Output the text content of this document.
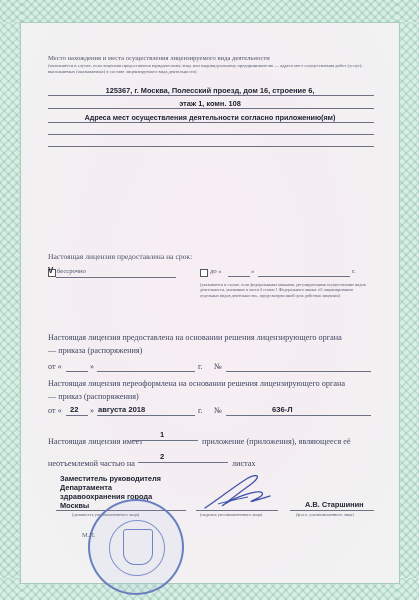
Место нахождения и места осуществления лицензируемого вида деятельности
(заполняется в случае, если лицензия предоставлена юридическому лицу или индивидуальному предпринимателю — адреса мест осуществления работ (услуг), выполняемых (оказываемых) в составе лицензируемого вида деятельности)
125367, г. Москва, Полесский проезд, дом 16, строение 6,
этаж 1, комн. 108
Адреса мест осуществления деятельности согласно приложению(ям)
Настоящая лицензия предоставлена на срок:
V бессрочно	до «	»	г.
(указывается в случае, если федеральными законами, регулирующими осуществление видов деятельности, указанных в части 4 статьи 1 Федерального закона «О лицензировании отдельных видов деятельности», предусмотрен иной срок действия лицензии)
Настоящая лицензия предоставлена на основании решения лицензирующего органа
— приказа (распоряжения)
от «	»	г. №
Настоящая лицензия переоформлена на основании решения лицензирующего органа
— приказ (распоряжения)
от « 22 » августа 2018	г. №	636-Л
Настоящая лицензия имеет
1
приложение (приложения), являющееся её
неотъемлемой частью на
2
листах
Заместитель руководителя
Департамента
здравоохранения города
Москвы
(должность уполномоченного лица)	(подпись уполномоченного лица)
А.В. Старшинин
(ф.и.о. уполномоченного лица)
М.П.
